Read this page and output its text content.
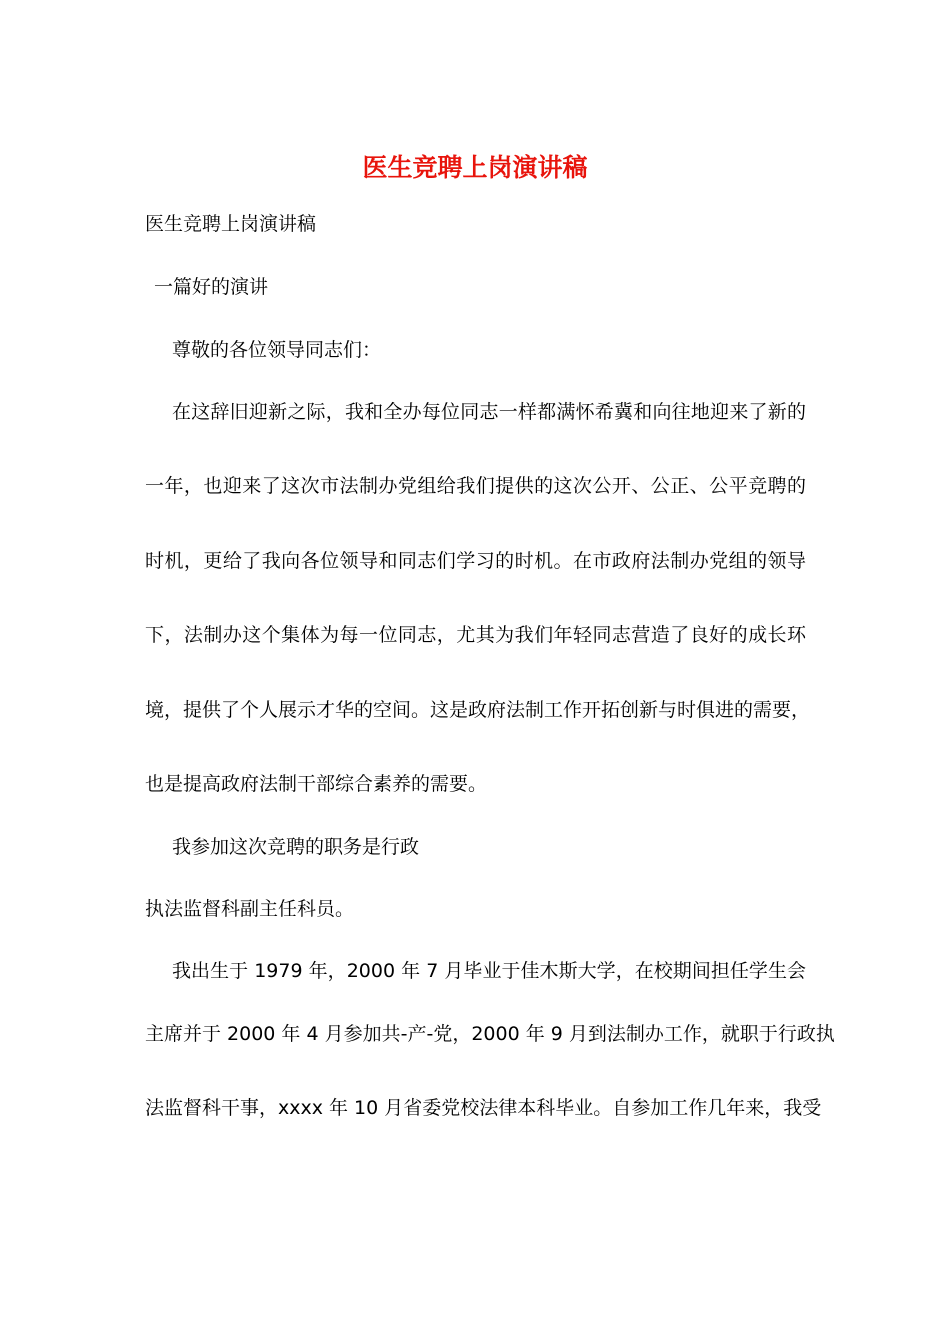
医生竞聘上岗演讲稿
医生竞聘上岗演讲稿
一篇好的演讲
尊敬的各位领导同志们：
在这辞旧迎新之际，我和全办每位同志一样都满怀希冀和向往地迎来了新的
一年，也迎来了这次市法制办党组给我们提供的这次公开、公正、公平竞聘的
时机，更给了我向各位领导和同志们学习的时机。在市政府法制办党组的领导
下，法制办这个集体为每一位同志，尤其为我们年轻同志营造了良好的成长环
境，提供了个人展示才华的空间。这是政府法制工作开拓创新与时俱进的需要，
也是提高政府法制干部综合素养的需要。
我参加这次竞聘的职务是行政
执法监督科副主任科员。
我出生于 1979 年，2000 年 7 月毕业于佳木斯大学，在校期间担任学生会
主席并于 2000 年 4 月参加共-产-党，2000 年 9 月到法制办工作，就职于行政执
法监督科干事，xxxx 年 10 月省委党校法律本科毕业。自参加工作几年来，我受
